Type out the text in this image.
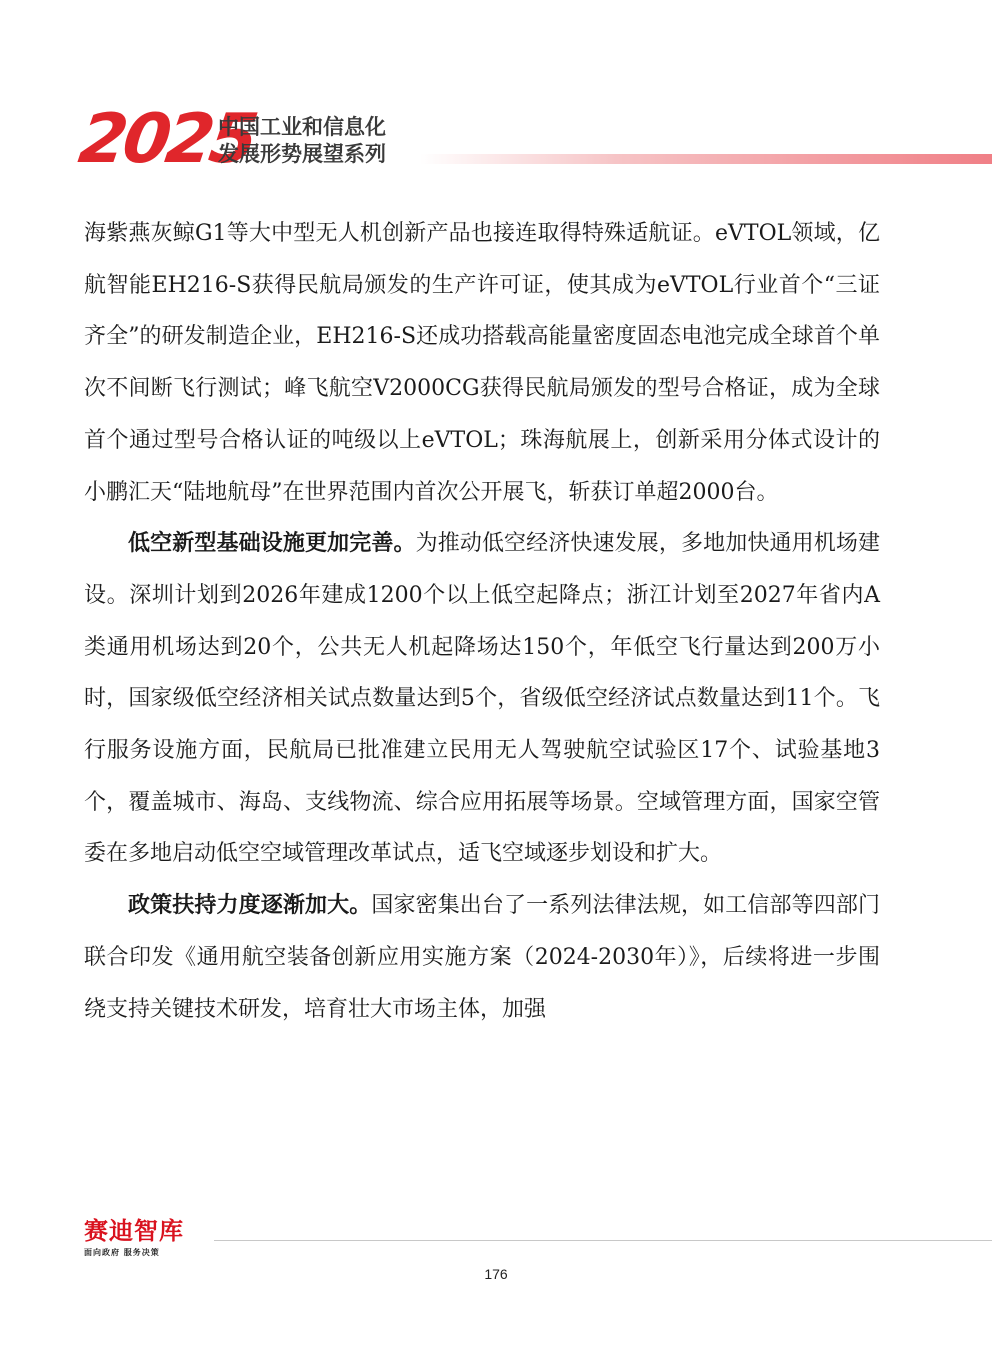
2025
中国工业和信息化
发展形势展望系列

海紫燕灰鲸G1等大中型无人机创新产品也接连取得特殊适航证。eVTOL领域，亿航智能EH216-S获得民航局颁发的生产许可证，使其成为eVTOL行业首个“三证齐全”的研发制造企业，EH216-S还成功搭载高能量密度固态电池完成全球首个单次不间断飞行测试；峰飞航空V2000CG获得民航局颁发的型号合格证，成为全球首个通过型号合格认证的吨级以上eVTOL；珠海航展上，创新采用分体式设计的小鹏汇天“陆地航母”在世界范围内首次公开展飞，斩获订单超2000台。

低空新型基础设施更加完善。为推动低空经济快速发展，多地加快通用机场建设。深圳计划到2026年建成1200个以上低空起降点；浙江计划至2027年省内A类通用机场达到20个，公共无人机起降场达150个，年低空飞行量达到200万小时，国家级低空经济相关试点数量达到5个，省级低空经济试点数量达到11个。飞行服务设施方面，民航局已批准建立民用无人驾驶航空试验区17个、试验基地3个，覆盖城市、海岛、支线物流、综合应用拓展等场景。空域管理方面，国家空管委在多地启动低空空域管理改革试点，适飞空域逐步划设和扩大。

政策扶持力度逐渐加大。国家密集出台了一系列法律法规，如工信部等四部门联合印发《通用航空装备创新应用实施方案（2024-2030年）》，后续将进一步围绕支持关键技术研发，培育壮大市场主体，加强

赛迪智库
面向政府 服务决策
176
